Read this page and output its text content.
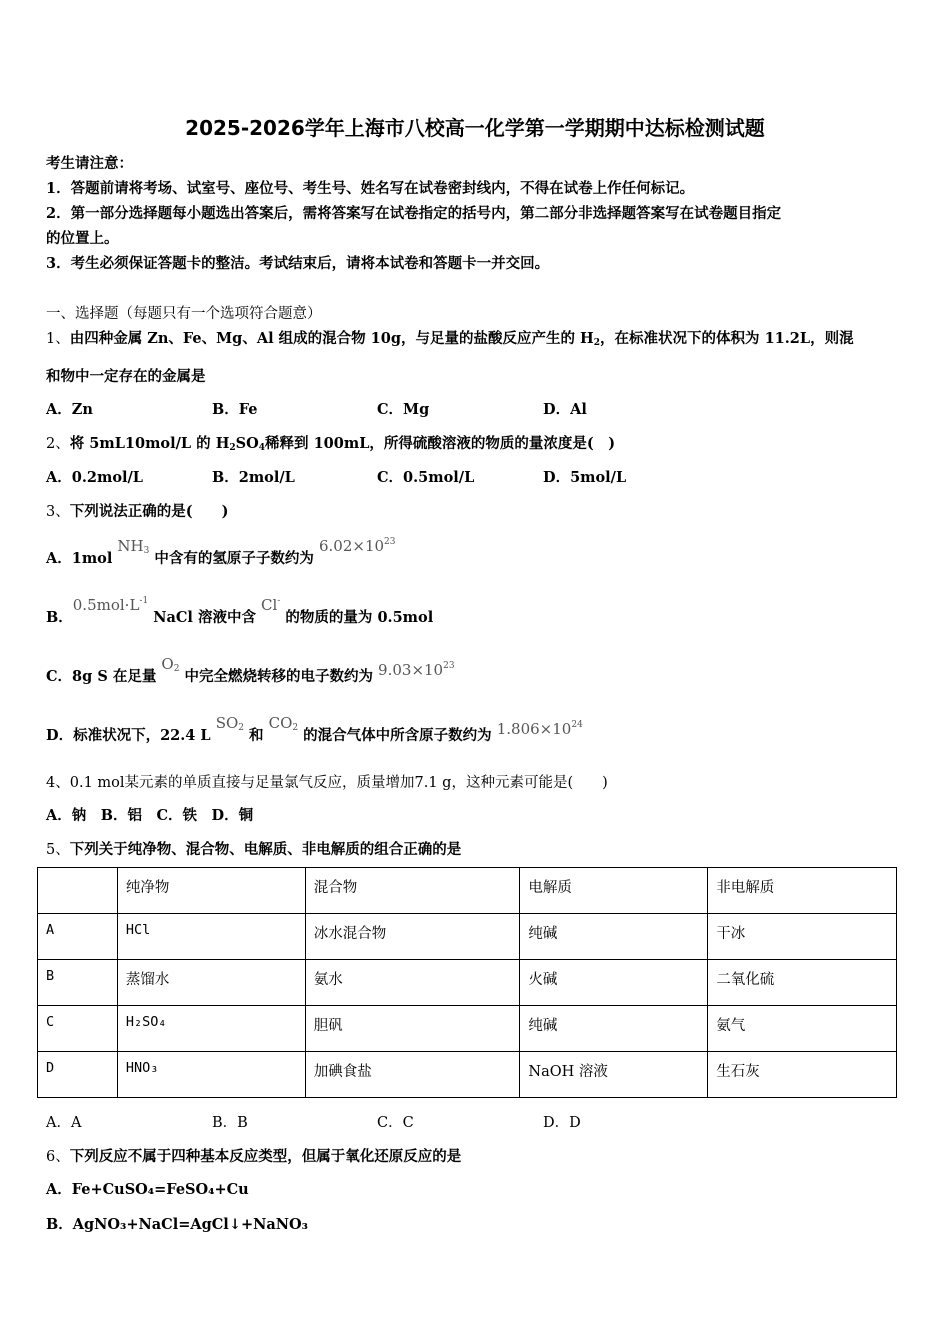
2025-2026学年上海市八校高一化学第一学期期中达标检测试题
考生请注意：
1．答题前请将考场、试室号、座位号、考生号、姓名写在试卷密封线内，不得在试卷上作任何标记。
2．第一部分选择题每小题选出答案后，需将答案写在试卷指定的括号内，第二部分非选择题答案写在试卷题目指定
的位置上。
3．考生必须保证答题卡的整洁。考试结束后，请将本试卷和答题卡一并交回。
一、选择题（每题只有一个选项符合题意）
1、由四种金属 Zn、Fe、Mg、Al 组成的混合物 10g，与足量的盐酸反应产生的 $H_2$，在标准状况下的体积为 11.2L，则混
和物中一定存在的金属是
A．Zn	B．Fe	C．Mg	D．Al
2、将 5mL10mol/L 的 $H_2SO_4$稀释到 100mL，所得硫酸溶液的物质的量浓度是(　)
A．0.2mol/L	B．2mol/L	C．0.5mol/L	D．5mol/L
3、下列说法正确的是(　　)
A．1mol $NH_3$ 中含有的氢原子子数约为 $6.02\times 10^{23}$
B．$0.5mol\cdot L^{-1}$ NaCl 溶液中含 Cl- 的物质的量为 0.5mol
C．8g S 在足量 $O_2$ 中完全燃烧转移的电子数约为 $9.03\times 10^{23}$
D．标准状况下，22.4 L $SO_2$ 和 $CO_2$ 的混合气体中所含原子数约为 $1.806\times 10^{24}$
4、0.1 mol某元素的单质直接与足量氯气反应，质量增加7.1 g，这种元素可能是(　　)
A．钠　B．铝　C．铁　D．铜
5、下列关于纯净物、混合物、电解质、非电解质的组合正确的是
	纯净物	混合物	电解质	非电解质
A	HCl	冰水混合物	纯碱	干冰
B	蒸馏水	氨水	火碱	二氧化硫
C	H₂SO₄	胆矾	纯碱	氨气
D	HNO₃	加碘食盐	NaOH 溶液	生石灰
A．A	B．B	C．C	D．D
6、下列反应不属于四种基本反应类型，但属于氧化还原反应的是
A．Fe+CuSO₄=FeSO₄+Cu
B．AgNO₃+NaCl=AgCl↓+NaNO₃
